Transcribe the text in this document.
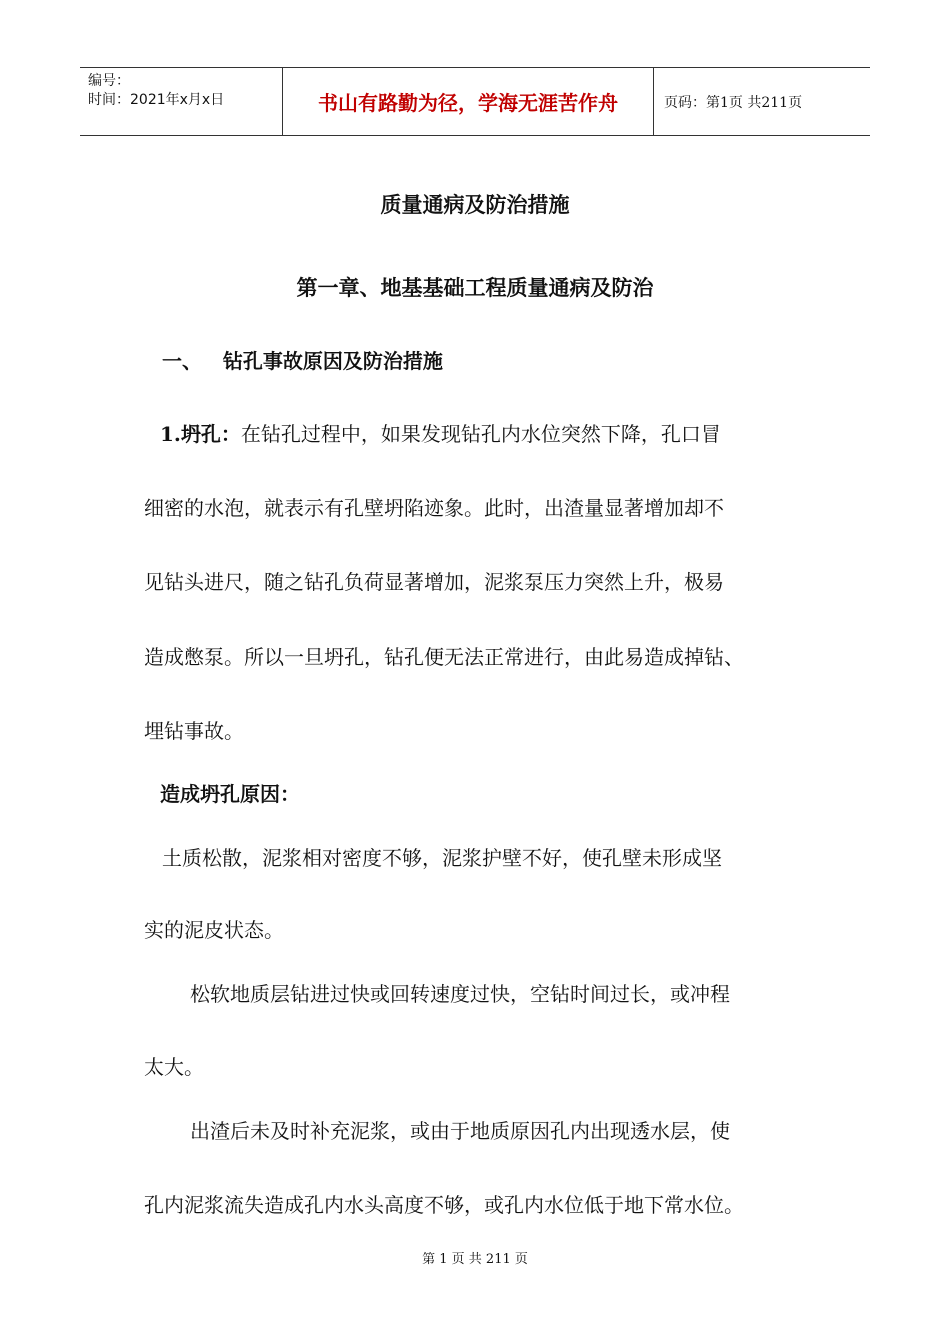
编号：
时间：2021年x月x日	书山有路勤为径，学海无涯苦作舟	页码：第1页 共211页
质量通病及防治措施
第一章、地基基础工程质量通病及防治
一、   钻孔事故原因及防治措施
1.坍孔：在钻孔过程中，如果发现钻孔内水位突然下降，孔口冒
细密的水泡，就表示有孔壁坍陷迹象。此时，出渣量显著增加却不
见钻头进尺，随之钻孔负荷显著增加，泥浆泵压力突然上升，极易
造成憋泵。所以一旦坍孔，钻孔便无法正常进行，由此易造成掉钻、
埋钻事故。
造成坍孔原因：
土质松散，泥浆相对密度不够，泥浆护壁不好，使孔壁未形成坚
实的泥皮状态。
松软地质层钻进过快或回转速度过快，空钻时间过长，或冲程
太大。
出渣后未及时补充泥浆，或由于地质原因孔内出现透水层，使
孔内泥浆流失造成孔内水头高度不够，或孔内水位低于地下常水位。
第 1 页 共 211 页
